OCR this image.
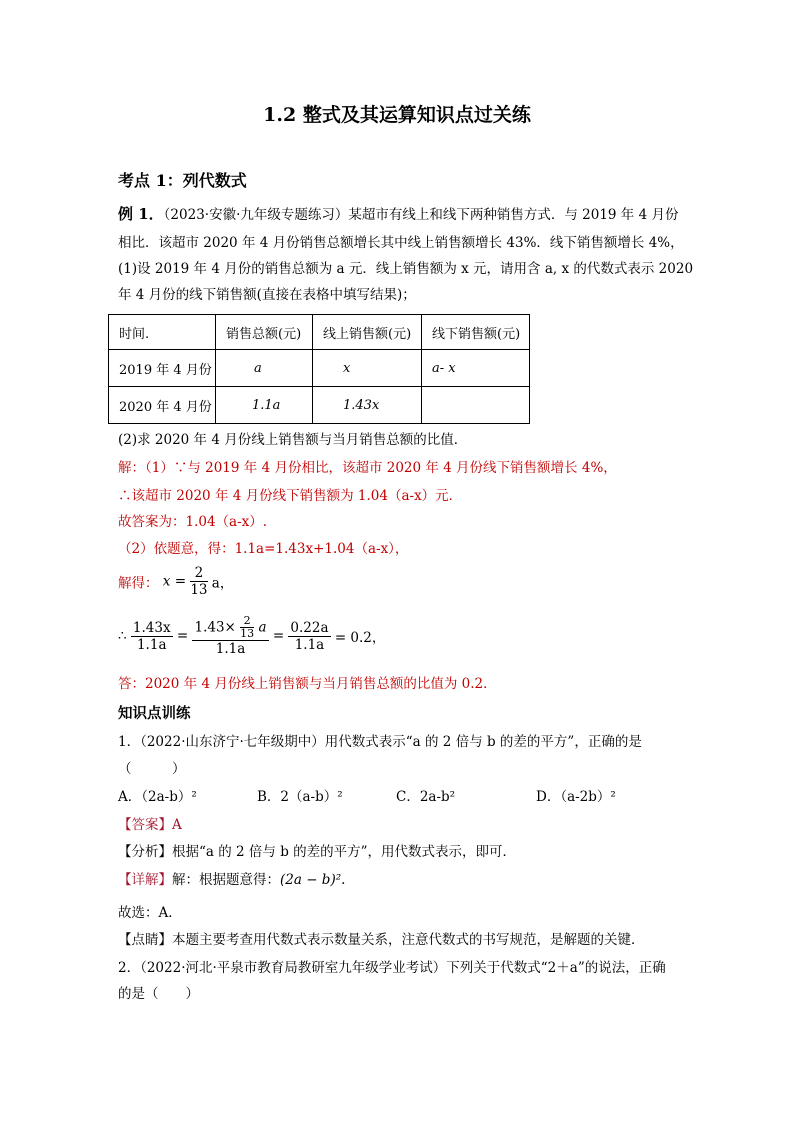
1.2 整式及其运算知识点过关练
考点 1：列代数式
例 1．（2023·安徽·九年级专题练习）某超市有线上和线下两种销售方式．与 2019 年 4 月份
相比．该超市 2020 年 4 月份销售总额增长其中线上销售额增长 43%．线下销售额增长 4%，
(1)设 2019 年 4 月份的销售总额为 a 元．线上销售额为 x 元，请用含 a, x 的代数式表示 2020
年 4 月份的线下销售额(直接在表格中填写结果)；
时间.	销售总额(元)	线上销售额(元)	线下销售额(元)
2019 年 4 月份	a	x	a- x
2020 年 4 月份	1.1a	1.43x	
(2)求 2020 年 4 月份线上销售额与当月销售总额的比值．
解：（1）∵与 2019 年 4 月份相比，该超市 2020 年 4 月份线下销售额增长 4%，
∴该超市 2020 年 4 月份线下销售额为 1.04（a-x）元．
故答案为：1.04（a-x）.
（2）依题意，得：1.1a=1.43x+1.04（a-x），
解得： $x = \frac{2}{13}$ a，
∴ $\frac{1.43x}{1.1a} = \frac{1.43\times \frac{2}{13} a}{1.1a} = \frac{0.22a}{1.1a} = 0.2$，
答：2020 年 4 月份线上销售额与当月销售总额的比值为 0.2．
知识点训练
1．（2022·山东济宁·七年级期中）用代数式表示“a 的 2 倍与 b 的差的平方”，正确的是
（　　　）
A．（2a-b）²	B．2（a-b）²	C．2a-b²	D．（a-2b）²
【答案】A
【分析】根据“a 的 2 倍与 b 的差的平方”，用代数式表示，即可．
【详解】解：根据题意得：(2a − b)².
故选：A．
【点睛】本题主要考查用代数式表示数量关系，注意代数式的书写规范，是解题的关键．
2．（2022·河北·平泉市教育局教研室九年级学业考试）下列关于代数式“2＋a”的说法，正确
的是（　　）
